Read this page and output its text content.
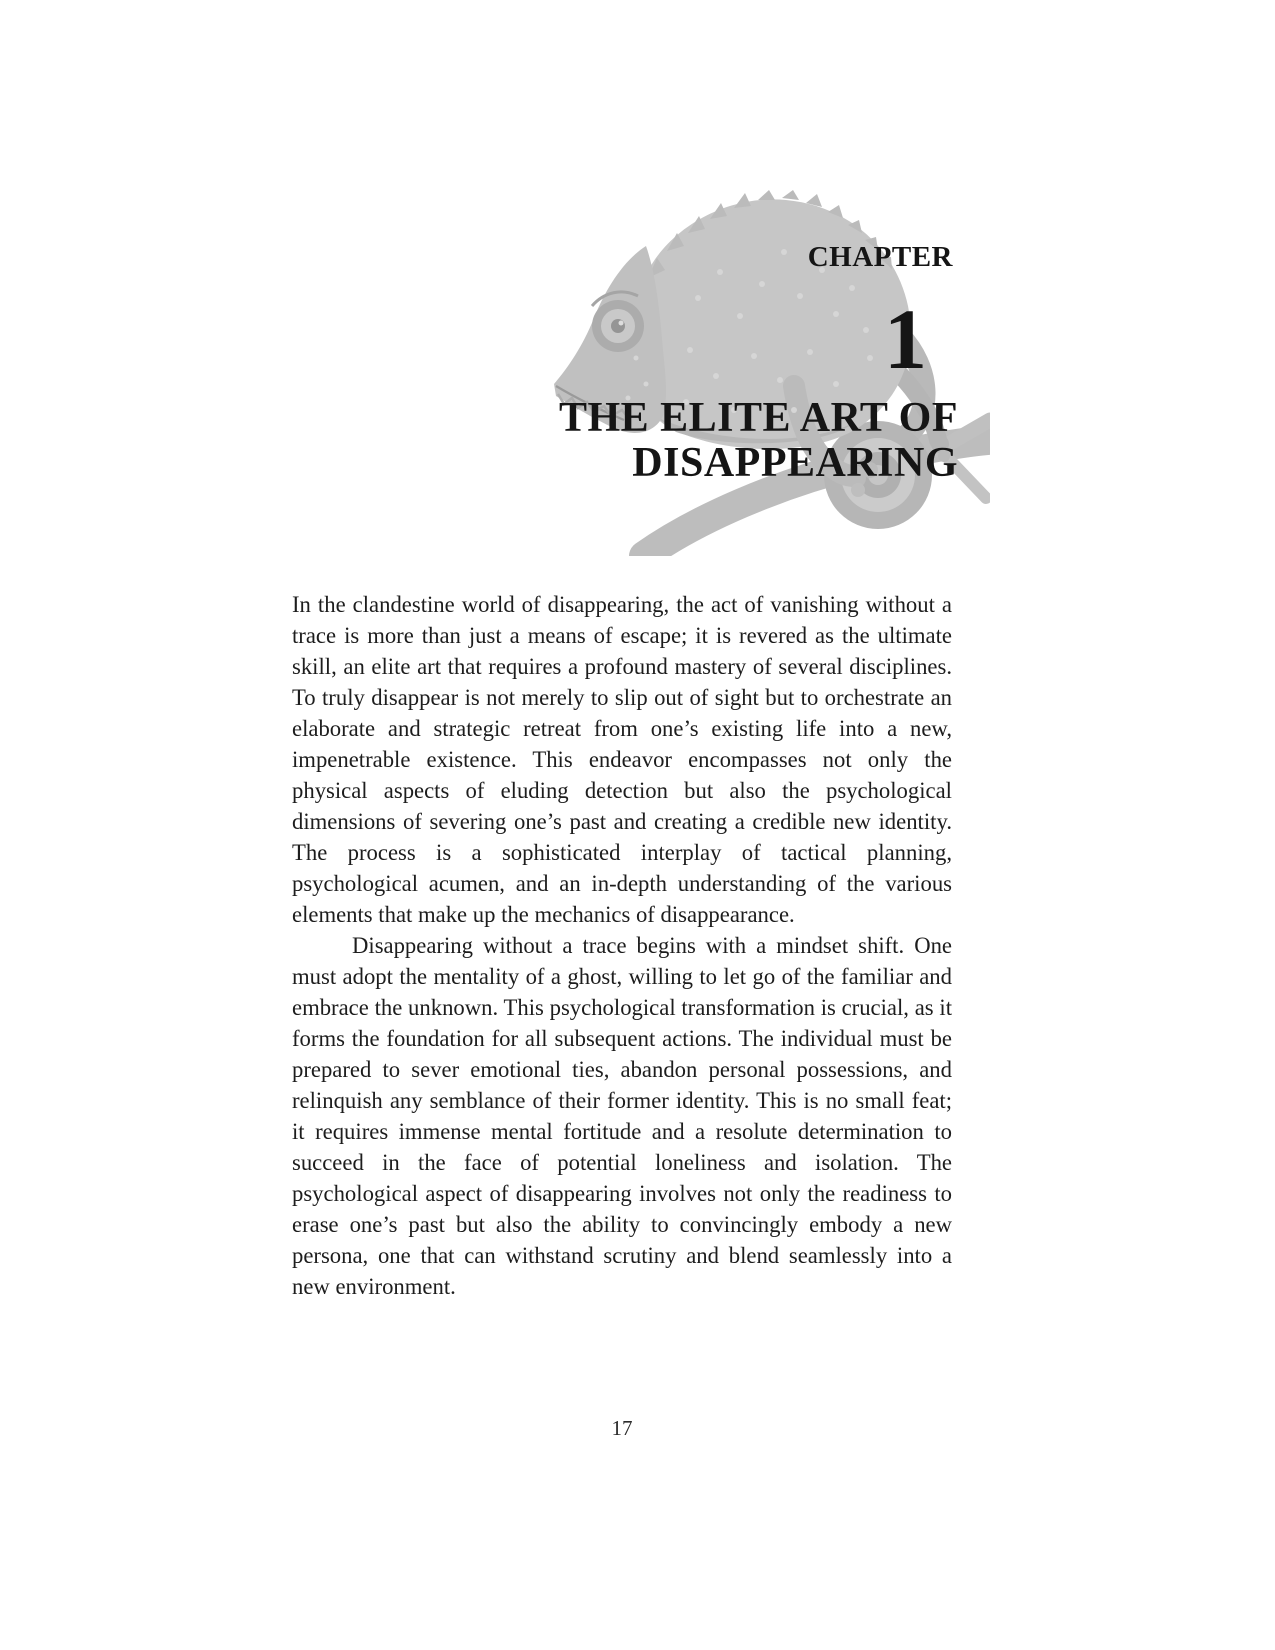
CHAPTER
1
THE ELITE ART OF
DISAPPEARING

In the clandestine world of disappearing, the act of vanishing without a trace is more than just a means of escape; it is revered as the ultimate skill, an elite art that requires a profound mastery of several disciplines. To truly disappear is not merely to slip out of sight but to orchestrate an elaborate and strategic retreat from one’s existing life into a new, impenetrable existence. This endeavor encompasses not only the physical aspects of eluding detection but also the psychological dimensions of severing one’s past and creating a credible new identity. The process is a sophisticated interplay of tactical planning, psychological acumen, and an in-depth understanding of the various elements that make up the mechanics of disappearance.

Disappearing without a trace begins with a mindset shift. One must adopt the mentality of a ghost, willing to let go of the familiar and embrace the unknown. This psychological transformation is crucial, as it forms the foundation for all subsequent actions. The individual must be prepared to sever emotional ties, abandon personal possessions, and relinquish any semblance of their former identity. This is no small feat; it requires immense mental fortitude and a resolute determination to succeed in the face of potential loneliness and isolation. The psychological aspect of disappearing involves not only the readiness to erase one’s past but also the ability to convincingly embody a new persona, one that can withstand scrutiny and blend seamlessly into a new environment.

17
